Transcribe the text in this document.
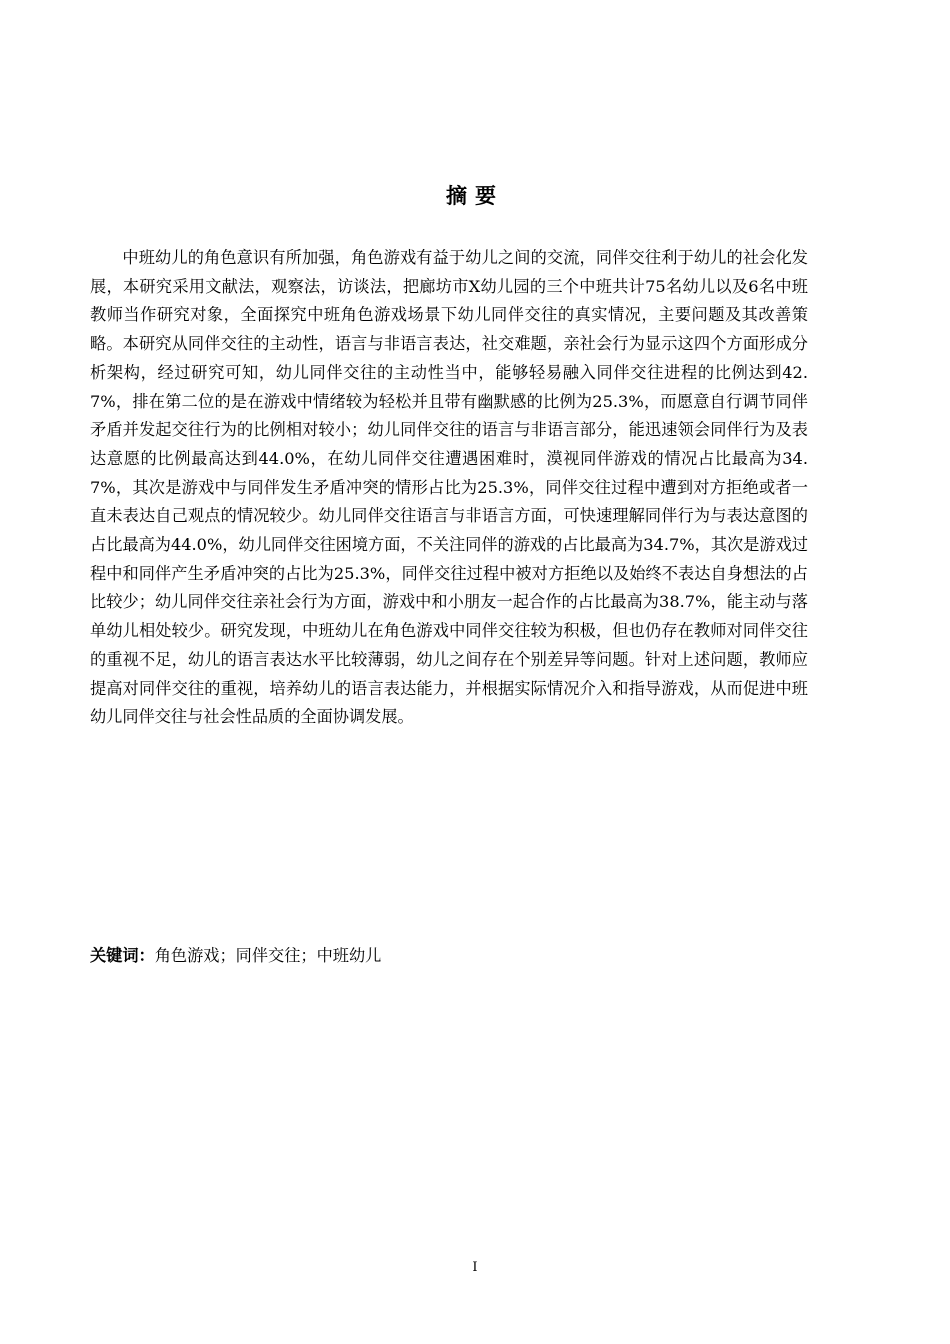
摘要

中班幼儿的角色意识有所加强，角色游戏有益于幼儿之间的交流，同伴交往利于幼儿的社会化发展，本研究采用文献法，观察法，访谈法，把廊坊市X幼儿园的三个中班共计75名幼儿以及6名中班教师当作研究对象，全面探究中班角色游戏场景下幼儿同伴交往的真实情况，主要问题及其改善策略。本研究从同伴交往的主动性，语言与非语言表达，社交难题，亲社会行为显示这四个方面形成分析架构，经过研究可知，幼儿同伴交往的主动性当中，能够轻易融入同伴交往进程的比例达到42.7%，排在第二位的是在游戏中情绪较为轻松并且带有幽默感的比例为25.3%，而愿意自行调节同伴矛盾并发起交往行为的比例相对较小；幼儿同伴交往的语言与非语言部分，能迅速领会同伴行为及表达意愿的比例最高达到44.0%，在幼儿同伴交往遭遇困难时，漠视同伴游戏的情况占比最高为34.7%，其次是游戏中与同伴发生矛盾冲突的情形占比为25.3%，同伴交往过程中遭到对方拒绝或者一直未表达自己观点的情况较少。幼儿同伴交往语言与非语言方面，可快速理解同伴行为与表达意图的占比最高为44.0%，幼儿同伴交往困境方面，不关注同伴的游戏的占比最高为34.7%，其次是游戏过程中和同伴产生矛盾冲突的占比为25.3%，同伴交往过程中被对方拒绝以及始终不表达自身想法的占比较少；幼儿同伴交往亲社会行为方面，游戏中和小朋友一起合作的占比最高为38.7%，能主动与落单幼儿相处较少。研究发现，中班幼儿在角色游戏中同伴交往较为积极，但也仍存在教师对同伴交往的重视不足，幼儿的语言表达水平比较薄弱，幼儿之间存在个别差异等问题。针对上述问题，教师应提高对同伴交往的重视，培养幼儿的语言表达能力，并根据实际情况介入和指导游戏，从而促进中班幼儿同伴交往与社会性品质的全面协调发展。

关键词：角色游戏；同伴交往；中班幼儿

I
